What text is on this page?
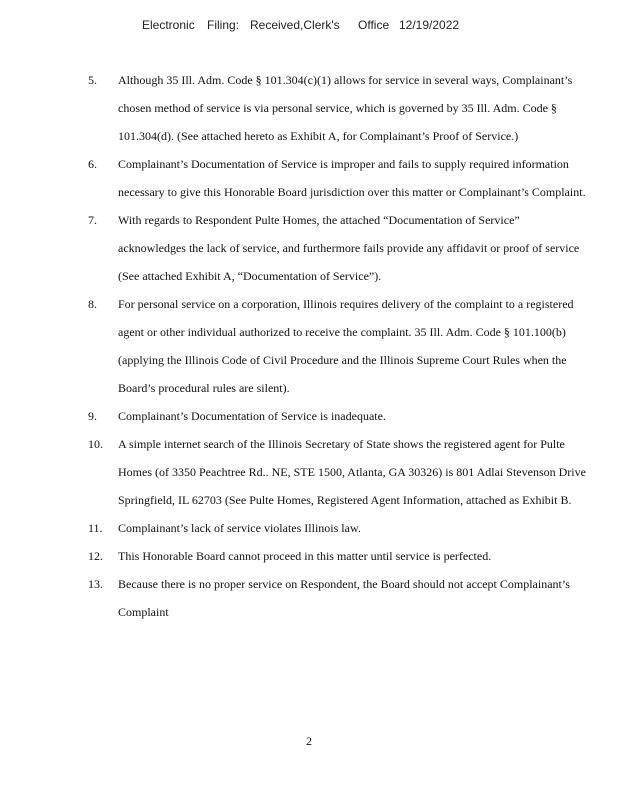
Electronic Filing: Received,Clerk's Office 12/19/2022
5. Although 35 Ill. Adm. Code § 101.304(c)(1) allows for service in several ways, Complainant’s chosen method of service is via personal service, which is governed by 35 Ill. Adm. Code § 101.304(d). (See attached hereto as Exhibit A, for Complainant’s Proof of Service.)
6. Complainant’s Documentation of Service is improper and fails to supply required information necessary to give this Honorable Board jurisdiction over this matter or Complainant’s Complaint.
7. With regards to Respondent Pulte Homes, the attached “Documentation of Service” acknowledges the lack of service, and furthermore fails provide any affidavit or proof of service (See attached Exhibit A, “Documentation of Service”).
8. For personal service on a corporation, Illinois requires delivery of the complaint to a registered agent or other individual authorized to receive the complaint. 35 Ill. Adm. Code § 101.100(b) (applying the Illinois Code of Civil Procedure and the Illinois Supreme Court Rules when the Board’s procedural rules are silent).
9. Complainant’s Documentation of Service is inadequate.
10. A simple internet search of the Illinois Secretary of State shows the registered agent for Pulte Homes (of 3350 Peachtree Rd.. NE, STE 1500, Atlanta, GA 30326) is 801 Adlai Stevenson Drive Springfield, IL 62703 (See Pulte Homes, Registered Agent Information, attached as Exhibit B.
11. Complainant’s lack of service violates Illinois law.
12. This Honorable Board cannot proceed in this matter until service is perfected.
13. Because there is no proper service on Respondent, the Board should not accept Complainant’s Complaint
2
